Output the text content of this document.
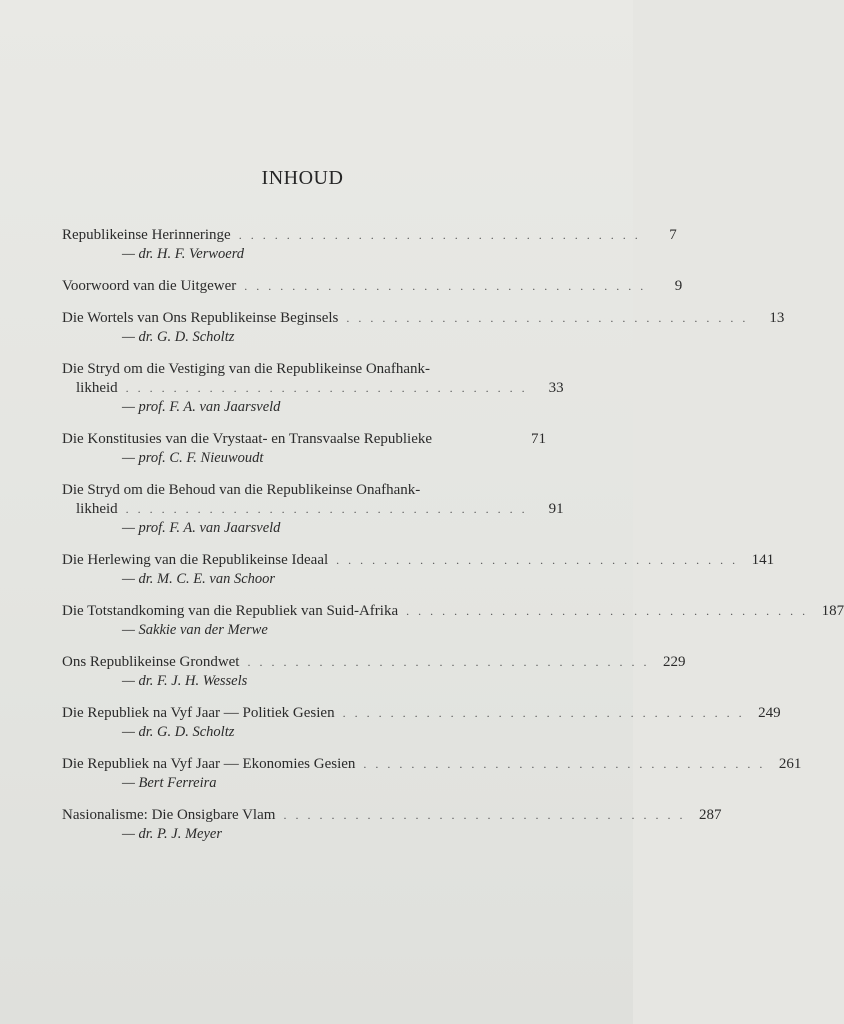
INHOUD
Republikeinse Herinneringe . . . . . . . . . . . . . . . . . . . . . . . . . . . . . . . . . .	7
— dr. H. F. Verwoerd
Voorwoord van die Uitgewer . . . . . . . . . . . . . . . . . . . . . . . . . . . . . . . . . .	9
Die Wortels van Ons Republikeinse Beginsels . . . . . . . . . . . . . . . . . . . . . . . . . . . . . . . . . .	13
— dr. G. D. Scholtz
Die Stryd om die Vestiging van die Republikeinse Onafhank-
likheid . . . . . . . . . . . . . . . . . . . . . . . . . . . . . . . . . .	33
— prof. F. A. van Jaarsveld
Die Konstitusies van die Vrystaat- en Transvaalse Republieke	71
— prof. C. F. Nieuwoudt
Die Stryd om die Behoud van die Republikeinse Onafhank-
likheid . . . . . . . . . . . . . . . . . . . . . . . . . . . . . . . . . .	91
— prof. F. A. van Jaarsveld
Die Herlewing van die Republikeinse Ideaal . . . . . . . . . . . . . . . . . . . . . . . . . . . . . . . . . . 141
— dr. M. C. E. van Schoor
Die Totstandkoming van die Republiek van Suid-Afrika . . . . . . . . . . . . . . . . . . . . . . . . . . . . . . . . . . 187
— Sakkie van der Merwe
Ons Republikeinse Grondwet . . . . . . . . . . . . . . . . . . . . . . . . . . . . . . . . . . 229
— dr. F. J. H. Wessels
Die Republiek na Vyf Jaar — Politiek Gesien . . . . . . . . . . . . . . . . . . . . . . . . . . . . . . . . . . 249
— dr. G. D. Scholtz
Die Republiek na Vyf Jaar — Ekonomies Gesien . . . . . . . . . . . . . . . . . . . . . . . . . . . . . . . . . . 261
— Bert Ferreira
Nasionalisme: Die Onsigbare Vlam . . . . . . . . . . . . . . . . . . . . . . . . . . . . . . . . . . 287
— dr. P. J. Meyer
